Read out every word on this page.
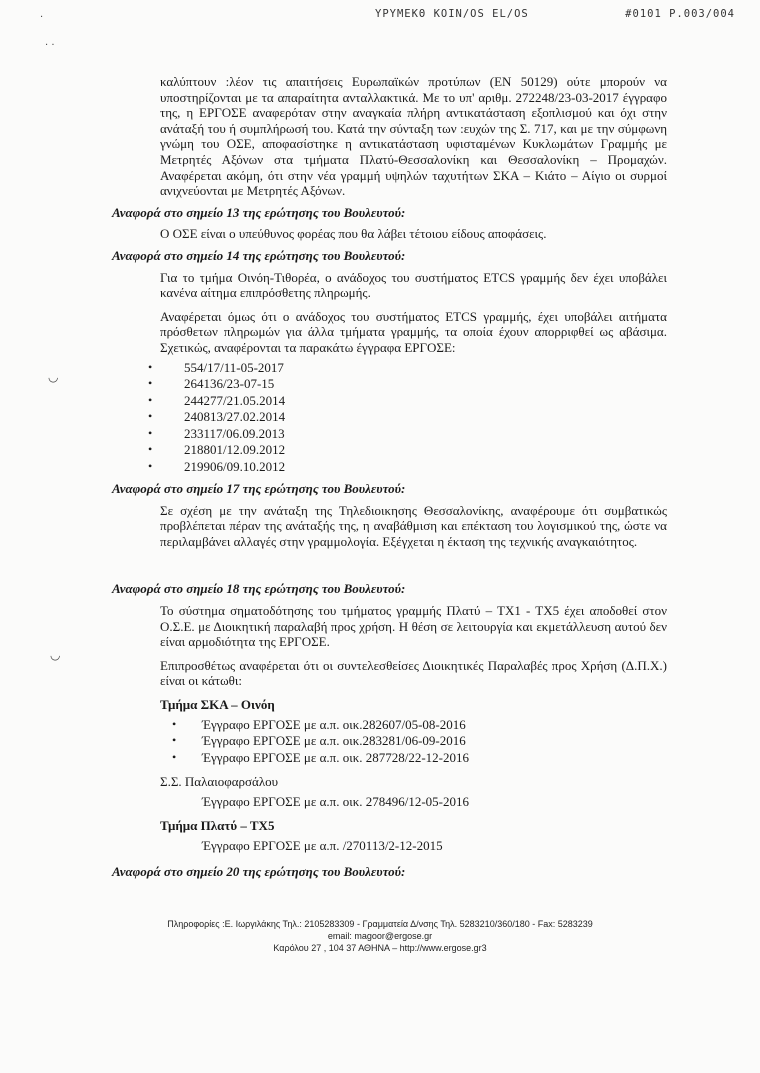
ΥΡΥΜΕΚΘ ΚΟΙΝ/ΟS EL/OS	#0101 P.003/004
·
· ·
◡
◡

καλύπτουν :λέον τις απαιτήσεις Ευρωπαϊκών προτύπων (EN 50129) ούτε μπορούν να υποστηρίζονται με τα απαραίτητα ανταλλακτικά. Με το υπ' αριθμ. 272248/23-03-2017 έγγραφο της, η ΕΡΓΟΣΕ αναφερόταν στην αναγκαία πλήρη αντικατάσταση εξοπλισμού και όχι στην ανάταξή του ή συμπλήρωσή του. Κατά την σύνταξη των :ευχών της Σ. 717, και με την σύμφωνη γνώμη του ΟΣΕ, αποφασίστηκε η αντικατάσταση υφισταμένων Κυκλωμάτων Γραμμής με Μετρητές Αξόνων στα τμήματα Πλατύ-Θεσσαλονίκη και Θεσσαλονίκη – Προμαχών. Αναφέρεται ακόμη, ότι στην νέα γραμμή υψηλών ταχυτήτων ΣΚΑ – Κιάτο – Αίγιο οι συρμοί ανιχνεύονται με Μετρητές Αξόνων.

Αναφορά στο σημείο 13 της ερώτησης του Βουλευτού:

Ο ΟΣΕ είναι ο υπεύθυνος φορέας που θα λάβει τέτοιου είδους αποφάσεις.

Αναφορά στο σημείο 14 της ερώτησης του Βουλευτού:

Για το τμήμα Οινόη-Τιθορέα, ο ανάδοχος του συστήματος ETCS γραμμής δεν έχει υποβάλει κανένα αίτημα επιπρόσθετης πληρωμής.

Αναφέρεται όμως ότι ο ανάδοχος του συστήματος ETCS γραμμής, έχει υποβάλει αιτήματα πρόσθετων πληρωμών για άλλα τμήματα γραμμής, τα οποία έχουν απορριφθεί ως αβάσιμα. Σχετικώς, αναφέρονται τα παρακάτω έγγραφα ΕΡΓΟΣΕ:

• 554/17/11-05-2017
• 264136/23-07-15
• 244277/21.05.2014
• 240813/27.02.2014
• 233117/06.09.2013
• 218801/12.09.2012
• 219906/09.10.2012
Αναφορά στο σημείο 17 της ερώτησης του Βουλευτού:

Σε σχέση με την ανάταξη της Τηλεδιοικησης Θεσσαλονίκης, αναφέρουμε ότι συμβατικώς προβλέπεται πέραν της ανάταξής της, η αναβάθμιση και επέκταση του λογισμικού της, ώστε να περιλαμβάνει αλλαγές στην γραμμολογία. Εξέγχεται η έκταση της τεχνικής αναγκαιότητος.

Αναφορά στο σημείο 18 της ερώτησης του Βουλευτού:

Το σύστημα σηματοδότησης του τμήματος γραμμής Πλατύ – ΤΧ1 - ΤΧ5 έχει αποδοθεί στον Ο.Σ.Ε. με Διοικητική παραλαβή προς χρήση. Η θέση σε λειτουργία και εκμετάλλευση αυτού δεν είναι αρμοδιότητα της ΕΡΓΟΣΕ.

Επιπροσθέτως αναφέρεται ότι οι συντελεσθείσες Διοικητικές Παραλαβές προς Χρήση (Δ.Π.Χ.) είναι οι κάτωθι:

Τμήμα ΣΚΑ – Οινόη
• Έγγραφο ΕΡΓΟΣΕ με α.π. οικ.282607/05-08-2016
• Έγγραφο ΕΡΓΟΣΕ με α.π. οικ.283281/06-09-2016
• Έγγραφο ΕΡΓΟΣΕ με α.π. οικ. 287728/22-12-2016
Σ.Σ. Παλαιοφαρσάλου
Έγγραφο ΕΡΓΟΣΕ με α.π. οικ. 278496/12-05-2016
Τμήμα Πλατύ – ΤΧ5
Έγγραφο ΕΡΓΟΣΕ με α.π. /270113/2-12-2015
Αναφορά στο σημείο 20 της ερώτησης του Βουλευτού:
Πληροφορίες :Ε. Ιωργιλάκης Τηλ.: 2105283309 - Γραμματεία Δ/νσης Τηλ. 5283210/360/180 - Fax: 5283239
email: magoor@ergose.gr
Καρόλου 27 , 104 37 ΑΘΗΝΑ – http://www.ergose.gr3
